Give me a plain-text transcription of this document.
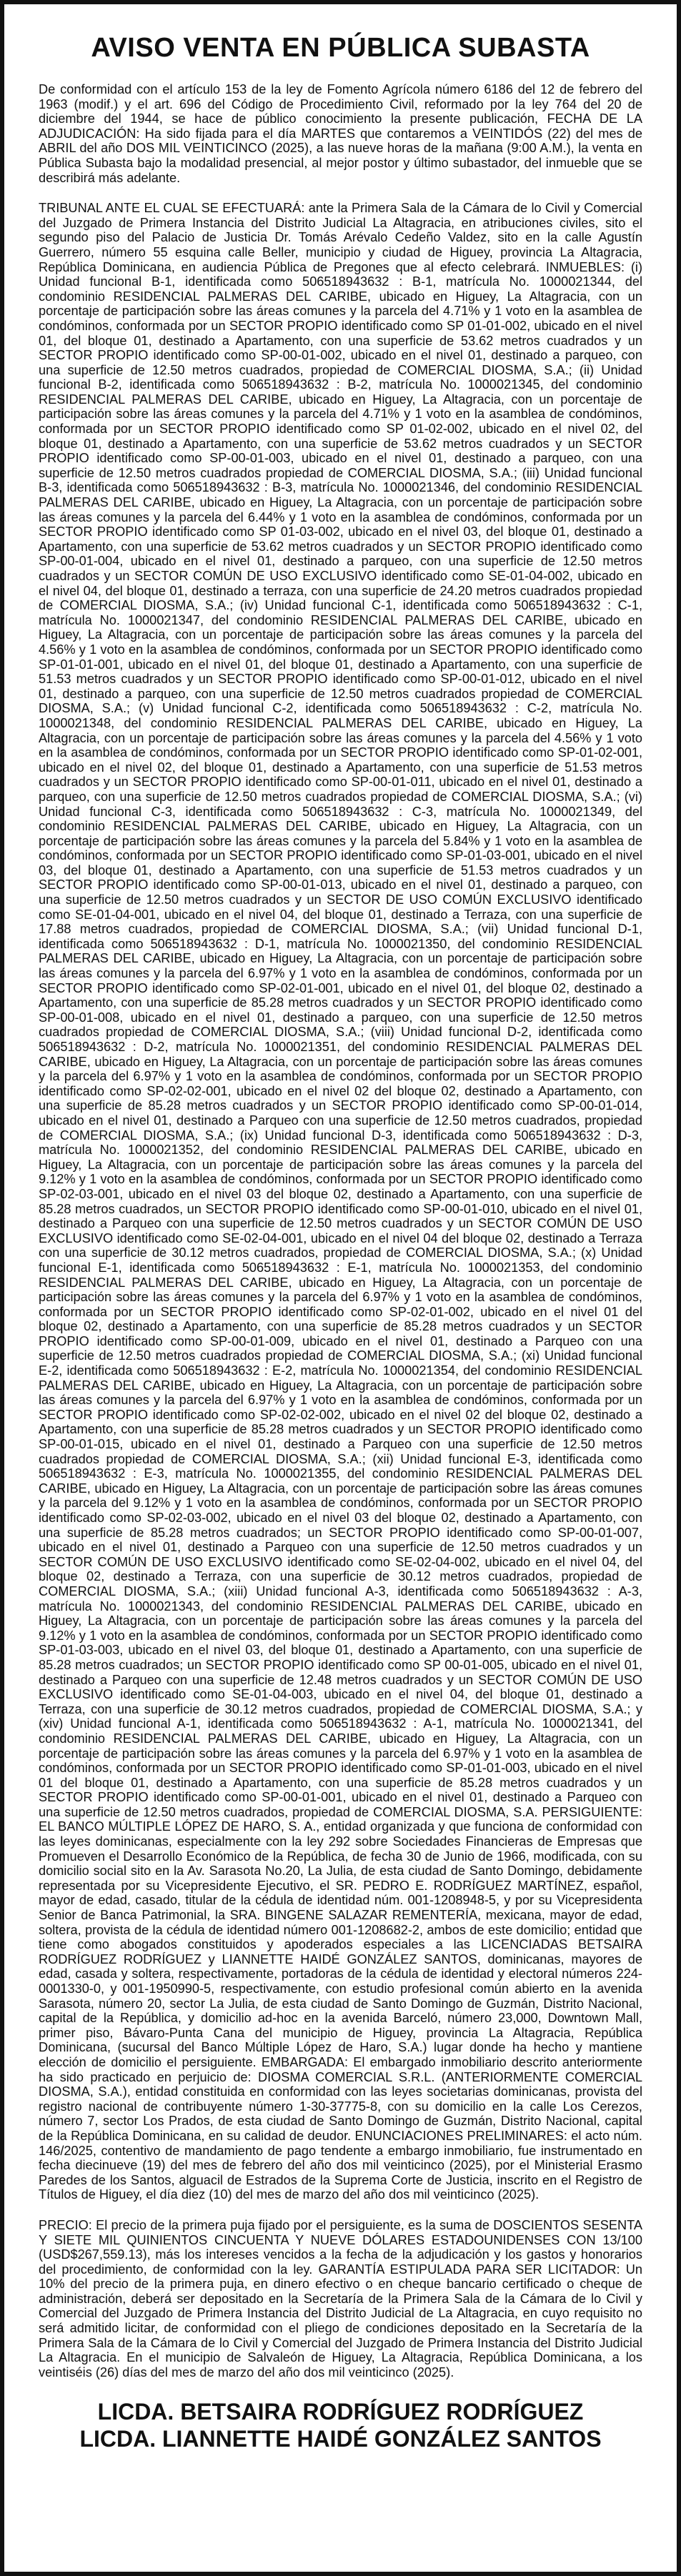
AVISO VENTA EN PÚBLICA SUBASTA

De conformidad con el artículo 153 de la ley de Fomento Agrícola número 6186 del 12 de febrero del 1963 (modif.) y el art. 696 del Código de Procedimiento Civil, reformado por la ley 764 del 20 de diciembre del 1944, se hace de público conocimiento la presente publicación, FECHA DE LA ADJUDICACIÓN: Ha sido fijada para el día MARTES que contaremos a VEINTIDÓS (22) del mes de ABRIL del año DOS MIL VEINTICINCO (2025), a las nueve horas de la mañana (9:00 A.M.), la venta en Pública Subasta bajo la modalidad presencial, al mejor postor y último subastador, del inmueble que se describirá más adelante.

TRIBUNAL ANTE EL CUAL SE EFECTUARÁ: ante la Primera Sala de la Cámara de lo Civil y Comercial del Juzgado de Primera Instancia del Distrito Judicial La Altagracia, en atribuciones civiles, sito el segundo piso del Palacio de Justicia Dr. Tomás Arévalo Cedeño Valdez, sito en la calle Agustín Guerrero, número 55 esquina calle Beller, municipio y ciudad de Higuey, provincia La Altagracia, República Dominicana, en audiencia Pública de Pregones que al efecto celebrará. INMUEBLES: (i) Unidad funcional B-1, identificada como 506518943632 : B-1, matrícula No. 1000021344, del condominio RESIDENCIAL PALMERAS DEL CARIBE, ubicado en Higuey, La Altagracia, con un porcentaje de participación sobre las áreas comunes y la parcela del 4.71% y 1 voto en la asamblea de condóminos, conformada por un SECTOR PROPIO identificado como SP 01-01-002, ubicado en el nivel 01, del bloque 01, destinado a Apartamento, con una superficie de 53.62 metros cuadrados y un SECTOR PROPIO identificado como SP-00-01-002, ubicado en el nivel 01, destinado a parqueo, con una superficie de 12.50 metros cuadrados, propiedad de COMERCIAL DIOSMA, S.A.; (ii) Unidad funcional B-2, identificada como 506518943632 : B-2, matrícula No. 1000021345, del condominio RESIDENCIAL PALMERAS DEL CARIBE, ubicado en Higuey, La Altagracia, con un porcentaje de participación sobre las áreas comunes y la parcela del 4.71% y 1 voto en la asamblea de condóminos, conformada por un SECTOR PROPIO identificado como SP 01-02-002, ubicado en el nivel 02, del bloque 01, destinado a Apartamento, con una superficie de 53.62 metros cuadrados y un SECTOR PROPIO identificado como SP-00-01-003, ubicado en el nivel 01, destinado a parqueo, con una superficie de 12.50 metros cuadrados propiedad de COMERCIAL DIOSMA, S.A.; (iii) Unidad funcional B-3, identificada como 506518943632 : B-3, matrícula No. 1000021346, del condominio RESIDENCIAL PALMERAS DEL CARIBE, ubicado en Higuey, La Altagracia, con un porcentaje de participación sobre las áreas comunes y la parcela del 6.44% y 1 voto en la asamblea de condóminos, conformada por un SECTOR PROPIO identificado como SP 01-03-002, ubicado en el nivel 03, del bloque 01, destinado a Apartamento, con una superficie de 53.62 metros cuadrados y un SECTOR PROPIO identificado como SP-00-01-004, ubicado en el nivel 01, destinado a parqueo, con una superficie de 12.50 metros cuadrados y un SECTOR COMÚN DE USO EXCLUSIVO identificado como SE-01-04-002, ubicado en el nivel 04, del bloque 01, destinado a terraza, con una superficie de 24.20 metros cuadrados propiedad de COMERCIAL DIOSMA, S.A.; (iv) Unidad funcional C-1, identificada como 506518943632 : C-1, matrícula No. 1000021347, del condominio RESIDENCIAL PALMERAS DEL CARIBE, ubicado en Higuey, La Altagracia, con un porcentaje de participación sobre las áreas comunes y la parcela del 4.56% y 1 voto en la asamblea de condóminos, conformada por un SECTOR PROPIO identificado como SP-01-01-001, ubicado en el nivel 01, del bloque 01, destinado a Apartamento, con una superficie de 51.53 metros cuadrados y un SECTOR PROPIO identificado como SP-00-01-012, ubicado en el nivel 01, destinado a parqueo, con una superficie de 12.50 metros cuadrados propiedad de COMERCIAL DIOSMA, S.A.; (v) Unidad funcional C-2, identificada como 506518943632 : C-2, matrícula No. 1000021348, del condominio RESIDENCIAL PALMERAS DEL CARIBE, ubicado en Higuey, La Altagracia, con un porcentaje de participación sobre las áreas comunes y la parcela del 4.56% y 1 voto en la asamblea de condóminos, conformada por un SECTOR PROPIO identificado como SP-01-02-001, ubicado en el nivel 02, del bloque 01, destinado a Apartamento, con una superficie de 51.53 metros cuadrados y un SECTOR PROPIO identificado como SP-00-01-011, ubicado en el nivel 01, destinado a parqueo, con una superficie de 12.50 metros cuadrados propiedad de COMERCIAL DIOSMA, S.A.; (vi) Unidad funcional C-3, identificada como 506518943632 : C-3, matrícula No. 1000021349, del condominio RESIDENCIAL PALMERAS DEL CARIBE, ubicado en Higuey, La Altagracia, con un porcentaje de participación sobre las áreas comunes y la parcela del 5.84% y 1 voto en la asamblea de condóminos, conformada por un SECTOR PROPIO identificado como SP-01-03-001, ubicado en el nivel 03, del bloque 01, destinado a Apartamento, con una superficie de 51.53 metros cuadrados y un SECTOR PROPIO identificado como SP-00-01-013, ubicado en el nivel 01, destinado a parqueo, con una superficie de 12.50 metros cuadrados y un SECTOR DE USO COMÚN EXCLUSIVO identificado como SE-01-04-001, ubicado en el nivel 04, del bloque 01, destinado a Terraza, con una superficie de 17.88 metros cuadrados, propiedad de COMERCIAL DIOSMA, S.A.; (vii) Unidad funcional D-1, identificada como 506518943632 : D-1, matrícula No. 1000021350, del condominio RESIDENCIAL PALMERAS DEL CARIBE, ubicado en Higuey, La Altagracia, con un porcentaje de participación sobre las áreas comunes y la parcela del 6.97% y 1 voto en la asamblea de condóminos, conformada por un SECTOR PROPIO identificado como SP-02-01-001, ubicado en el nivel 01, del bloque 02, destinado a Apartamento, con una superficie de 85.28 metros cuadrados y un SECTOR PROPIO identificado como SP-00-01-008, ubicado en el nivel 01, destinado a parqueo, con una superficie de 12.50 metros cuadrados propiedad de COMERCIAL DIOSMA, S.A.; (viii) Unidad funcional D-2, identificada como 506518943632 : D-2, matrícula No. 1000021351, del condominio RESIDENCIAL PALMERAS DEL CARIBE, ubicado en Higuey, La Altagracia, con un porcentaje de participación sobre las áreas comunes y la parcela del 6.97% y 1 voto en la asamblea de condóminos, conformada por un SECTOR PROPIO identificado como SP-02-02-001, ubicado en el nivel 02 del bloque 02, destinado a Apartamento, con una superficie de 85.28 metros cuadrados y un SECTOR PROPIO identificado como SP-00-01-014, ubicado en el nivel 01, destinado a Parqueo con una superficie de 12.50 metros cuadrados, propiedad de COMERCIAL DIOSMA, S.A.; (ix) Unidad funcional D-3, identificada como 506518943632 : D-3, matrícula No. 1000021352, del condominio RESIDENCIAL PALMERAS DEL CARIBE, ubicado en Higuey, La Altagracia, con un porcentaje de participación sobre las áreas comunes y la parcela del 9.12% y 1 voto en la asamblea de condóminos, conformada por un SECTOR PROPIO identificado como SP-02-03-001, ubicado en el nivel 03 del bloque 02, destinado a Apartamento, con una superficie de 85.28 metros cuadrados, un SECTOR PROPIO identificado como SP-00-01-010, ubicado en el nivel 01, destinado a Parqueo con una superficie de 12.50 metros cuadrados y un SECTOR COMÚN DE USO EXCLUSIVO identificado como SE-02-04-001, ubicado en el nivel 04 del bloque 02, destinado a Terraza con una superficie de 30.12 metros cuadrados, propiedad de COMERCIAL DIOSMA, S.A.; (x) Unidad funcional E-1, identificada como 506518943632 : E-1, matrícula No. 1000021353, del condominio RESIDENCIAL PALMERAS DEL CARIBE, ubicado en Higuey, La Altagracia, con un porcentaje de participación sobre las áreas comunes y la parcela del 6.97% y 1 voto en la asamblea de condóminos, conformada por un SECTOR PROPIO identificado como SP-02-01-002, ubicado en el nivel 01 del bloque 02, destinado a Apartamento, con una superficie de 85.28 metros cuadrados y un SECTOR PROPIO identificado como SP-00-01-009, ubicado en el nivel 01, destinado a Parqueo con una superficie de 12.50 metros cuadrados propiedad de COMERCIAL DIOSMA, S.A.; (xi) Unidad funcional E-2, identificada como 506518943632 : E-2, matrícula No. 1000021354, del condominio RESIDENCIAL PALMERAS DEL CARIBE, ubicado en Higuey, La Altagracia, con un porcentaje de participación sobre las áreas comunes y la parcela del 6.97% y 1 voto en la asamblea de condóminos, conformada por un SECTOR PROPIO identificado como SP-02-02-002, ubicado en el nivel 02 del bloque 02, destinado a Apartamento, con una superficie de 85.28 metros cuadrados y un SECTOR PROPIO identificado como SP-00-01-015, ubicado en el nivel 01, destinado a Parqueo con una superficie de 12.50 metros cuadrados propiedad de COMERCIAL DIOSMA, S.A.; (xii) Unidad funcional E-3, identificada como 506518943632 : E-3, matrícula No. 1000021355, del condominio RESIDENCIAL PALMERAS DEL CARIBE, ubicado en Higuey, La Altagracia, con un porcentaje de participación sobre las áreas comunes y la parcela del 9.12% y 1 voto en la asamblea de condóminos, conformada por un SECTOR PROPIO identificado como SP-02-03-002, ubicado en el nivel 03 del bloque 02, destinado a Apartamento, con una superficie de 85.28 metros cuadrados; un SECTOR PROPIO identificado como SP-00-01-007, ubicado en el nivel 01, destinado a Parqueo con una superficie de 12.50 metros cuadrados y un SECTOR COMÚN DE USO EXCLUSIVO identificado como SE-02-04-002, ubicado en el nivel 04, del bloque 02, destinado a Terraza, con una superficie de 30.12 metros cuadrados, propiedad de COMERCIAL DIOSMA, S.A.; (xiii) Unidad funcional A-3, identificada como 506518943632 : A-3, matrícula No. 1000021343, del condominio RESIDENCIAL PALMERAS DEL CARIBE, ubicado en Higuey, La Altagracia, con un porcentaje de participación sobre las áreas comunes y la parcela del 9.12% y 1 voto en la asamblea de condóminos, conformada por un SECTOR PROPIO identificado como SP-01-03-003, ubicado en el nivel 03, del bloque 01, destinado a Apartamento, con una superficie de 85.28 metros cuadrados; un SECTOR PROPIO identificado como SP 00-01-005, ubicado en el nivel 01, destinado a Parqueo con una superficie de 12.48 metros cuadrados y un SECTOR COMÚN DE USO EXCLUSIVO identificado como SE-01-04-003, ubicado en el nivel 04, del bloque 01, destinado a Terraza, con una superficie de 30.12 metros cuadrados, propiedad de COMERCIAL DIOSMA, S.A.; y (xiv) Unidad funcional A-1, identificada como 506518943632 : A-1, matrícula No. 1000021341, del condominio RESIDENCIAL PALMERAS DEL CARIBE, ubicado en Higuey, La Altagracia, con un porcentaje de participación sobre las áreas comunes y la parcela del 6.97% y 1 voto en la asamblea de condóminos, conformada por un SECTOR PROPIO identificado como SP-01-01-003, ubicado en el nivel 01 del bloque 01, destinado a Apartamento, con una superficie de 85.28 metros cuadrados y un SECTOR PROPIO identificado como SP-00-01-001, ubicado en el nivel 01, destinado a Parqueo con una superficie de 12.50 metros cuadrados, propiedad de COMERCIAL DIOSMA, S.A. PERSIGUIENTE: EL BANCO MÚLTIPLE LÓPEZ DE HARO, S. A., entidad organizada y que funciona de conformidad con las leyes dominicanas, especialmente con la ley 292 sobre Sociedades Financieras de Empresas que Promueven el Desarrollo Económico de la República, de fecha 30 de Junio de 1966, modificada, con su domicilio social sito en la Av. Sarasota No.20, La Julia, de esta ciudad de Santo Domingo, debidamente representada por su Vicepresidente Ejecutivo, el SR. PEDRO E. RODRÍGUEZ MARTÍNEZ, español, mayor de edad, casado, titular de la cédula de identidad núm. 001-1208948-5, y por su Vicepresidenta Senior de Banca Patrimonial, la SRA. BINGENE SALAZAR REMENTERÍA, mexicana, mayor de edad, soltera, provista de la cédula de identidad número 001-1208682-2, ambos de este domicilio; entidad que tiene como abogados constituidos y apoderados especiales a las LICENCIADAS BETSAIRA RODRÍGUEZ RODRÍGUEZ y LIANNETTE HAIDÉ GONZÁLEZ SANTOS, dominicanas, mayores de edad, casada y soltera, respectivamente, portadoras de la cédula de identidad y electoral números 224-0001330-0, y 001-1950990-5, respectivamente, con estudio profesional común abierto en la avenida Sarasota, número 20, sector La Julia, de esta ciudad de Santo Domingo de Guzmán, Distrito Nacional, capital de la República, y domicilio ad-hoc en la avenida Barceló, número 23,000, Downtown Mall, primer piso, Bávaro-Punta Cana del municipio de Higuey, provincia La Altagracia, República Dominicana, (sucursal del Banco Múltiple López de Haro, S.A.) lugar donde ha hecho y mantiene elección de domicilio el persiguiente. EMBARGADA: El embargado inmobiliario descrito anteriormente ha sido practicado en perjuicio de: DIOSMA COMERCIAL S.R.L. (ANTERIORMENTE COMERCIAL DIOSMA, S.A.), entidad constituida en conformidad con las leyes societarias dominicanas, provista del registro nacional de contribuyente número 1-30-37775-8, con su domicilio en la calle Los Cerezos, número 7, sector Los Prados, de esta ciudad de Santo Domingo de Guzmán, Distrito Nacional, capital de la República Dominicana, en su calidad de deudor. ENUNCIACIONES PRELIMINARES: el acto núm. 146/2025, contentivo de mandamiento de pago tendente a embargo inmobiliario, fue instrumentado en fecha diecinueve (19) del mes de febrero del año dos mil veinticinco (2025), por el Ministerial Erasmo Paredes de los Santos, alguacil de Estrados de la Suprema Corte de Justicia, inscrito en el Registro de Títulos de Higuey, el día diez (10) del mes de marzo del año dos mil veinticinco (2025).

PRECIO: El precio de la primera puja fijado por el persiguiente, es la suma de DOSCIENTOS SESENTA Y SIETE MIL QUINIENTOS CINCUENTA Y NUEVE DÓLARES ESTADOUNIDENSES CON 13/100 (USD$267,559.13), más los intereses vencidos a la fecha de la adjudicación y los gastos y honorarios del procedimiento, de conformidad con la ley. GARANTÍA ESTIPULADA PARA SER LICITADOR: Un 10% del precio de la primera puja, en dinero efectivo o en cheque bancario certificado o cheque de administración, deberá ser depositado en la Secretaría de la Primera Sala de la Cámara de lo Civil y Comercial del Juzgado de Primera Instancia del Distrito Judicial de La Altagracia, en cuyo requisito no será admitido licitar, de conformidad con el pliego de condiciones depositado en la Secretaría de la Primera Sala de la Cámara de lo Civil y Comercial del Juzgado de Primera Instancia del Distrito Judicial La Altagracia. En el municipio de Salvaleón de Higuey, La Altagracia, República Dominicana, a los veintiséis (26) días del mes de marzo del año dos mil veinticinco (2025).

LICDA. BETSAIRA RODRÍGUEZ RODRÍGUEZ
LICDA. LIANNETTE HAIDÉ GONZÁLEZ SANTOS
